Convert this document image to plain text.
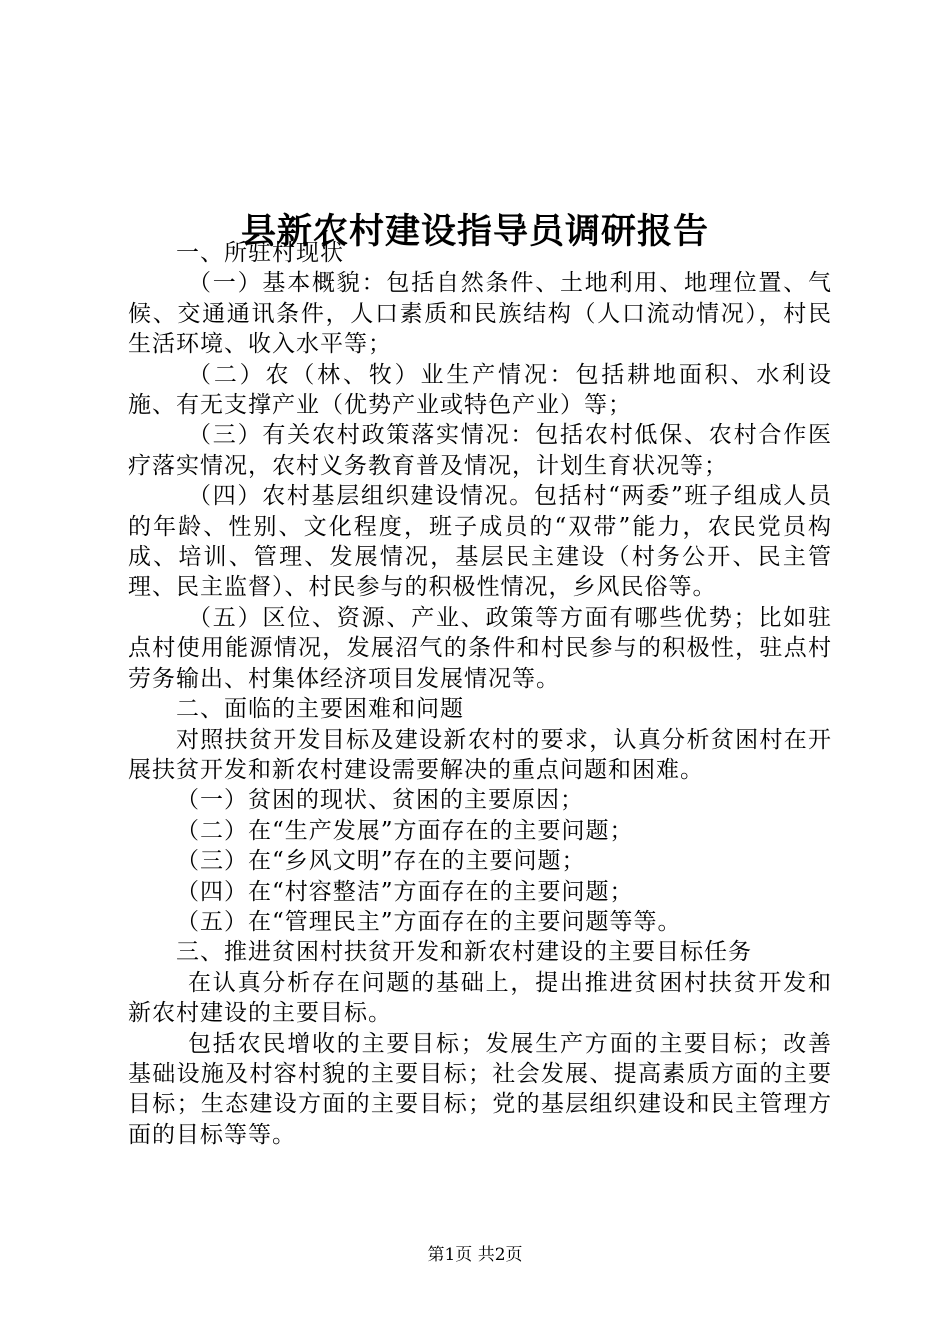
县新农村建设指导员调研报告

一、所驻村现状

（一）基本概貌：包括自然条件、土地利用、地理位置、气候、交通通讯条件，人口素质和民族结构（人口流动情况），村民生活环境、收入水平等；

（二）农（林、牧）业生产情况：包括耕地面积、水利设施、有无支撑产业（优势产业或特色产业）等；

（三）有关农村政策落实情况：包括农村低保、农村合作医疗落实情况，农村义务教育普及情况，计划生育状况等；

（四）农村基层组织建设情况。包括村“两委”班子组成人员的年龄、性别、文化程度，班子成员的“双带”能力，农民党员构成、培训、管理、发展情况，基层民主建设（村务公开、民主管理、民主监督）、村民参与的积极性情况，乡风民俗等。

（五）区位、资源、产业、政策等方面有哪些优势；比如驻点村使用能源情况，发展沼气的条件和村民参与的积极性，驻点村劳务输出、村集体经济项目发展情况等。

二、面临的主要困难和问题

对照扶贫开发目标及建设新农村的要求，认真分析贫困村在开展扶贫开发和新农村建设需要解决的重点问题和困难。

（一）贫困的现状、贫困的主要原因；

（二）在“生产发展”方面存在的主要问题；

（三）在“乡风文明”存在的主要问题；

（四）在“村容整洁”方面存在的主要问题；

（五）在“管理民主”方面存在的主要问题等等。

三、推进贫困村扶贫开发和新农村建设的主要目标任务

在认真分析存在问题的基础上，提出推进贫困村扶贫开发和新农村建设的主要目标。

包括农民增收的主要目标；发展生产方面的主要目标；改善基础设施及村容村貌的主要目标；社会发展、提高素质方面的主要目标；生态建设方面的主要目标；党的基层组织建设和民主管理方面的目标等等。

第1页 共2页
